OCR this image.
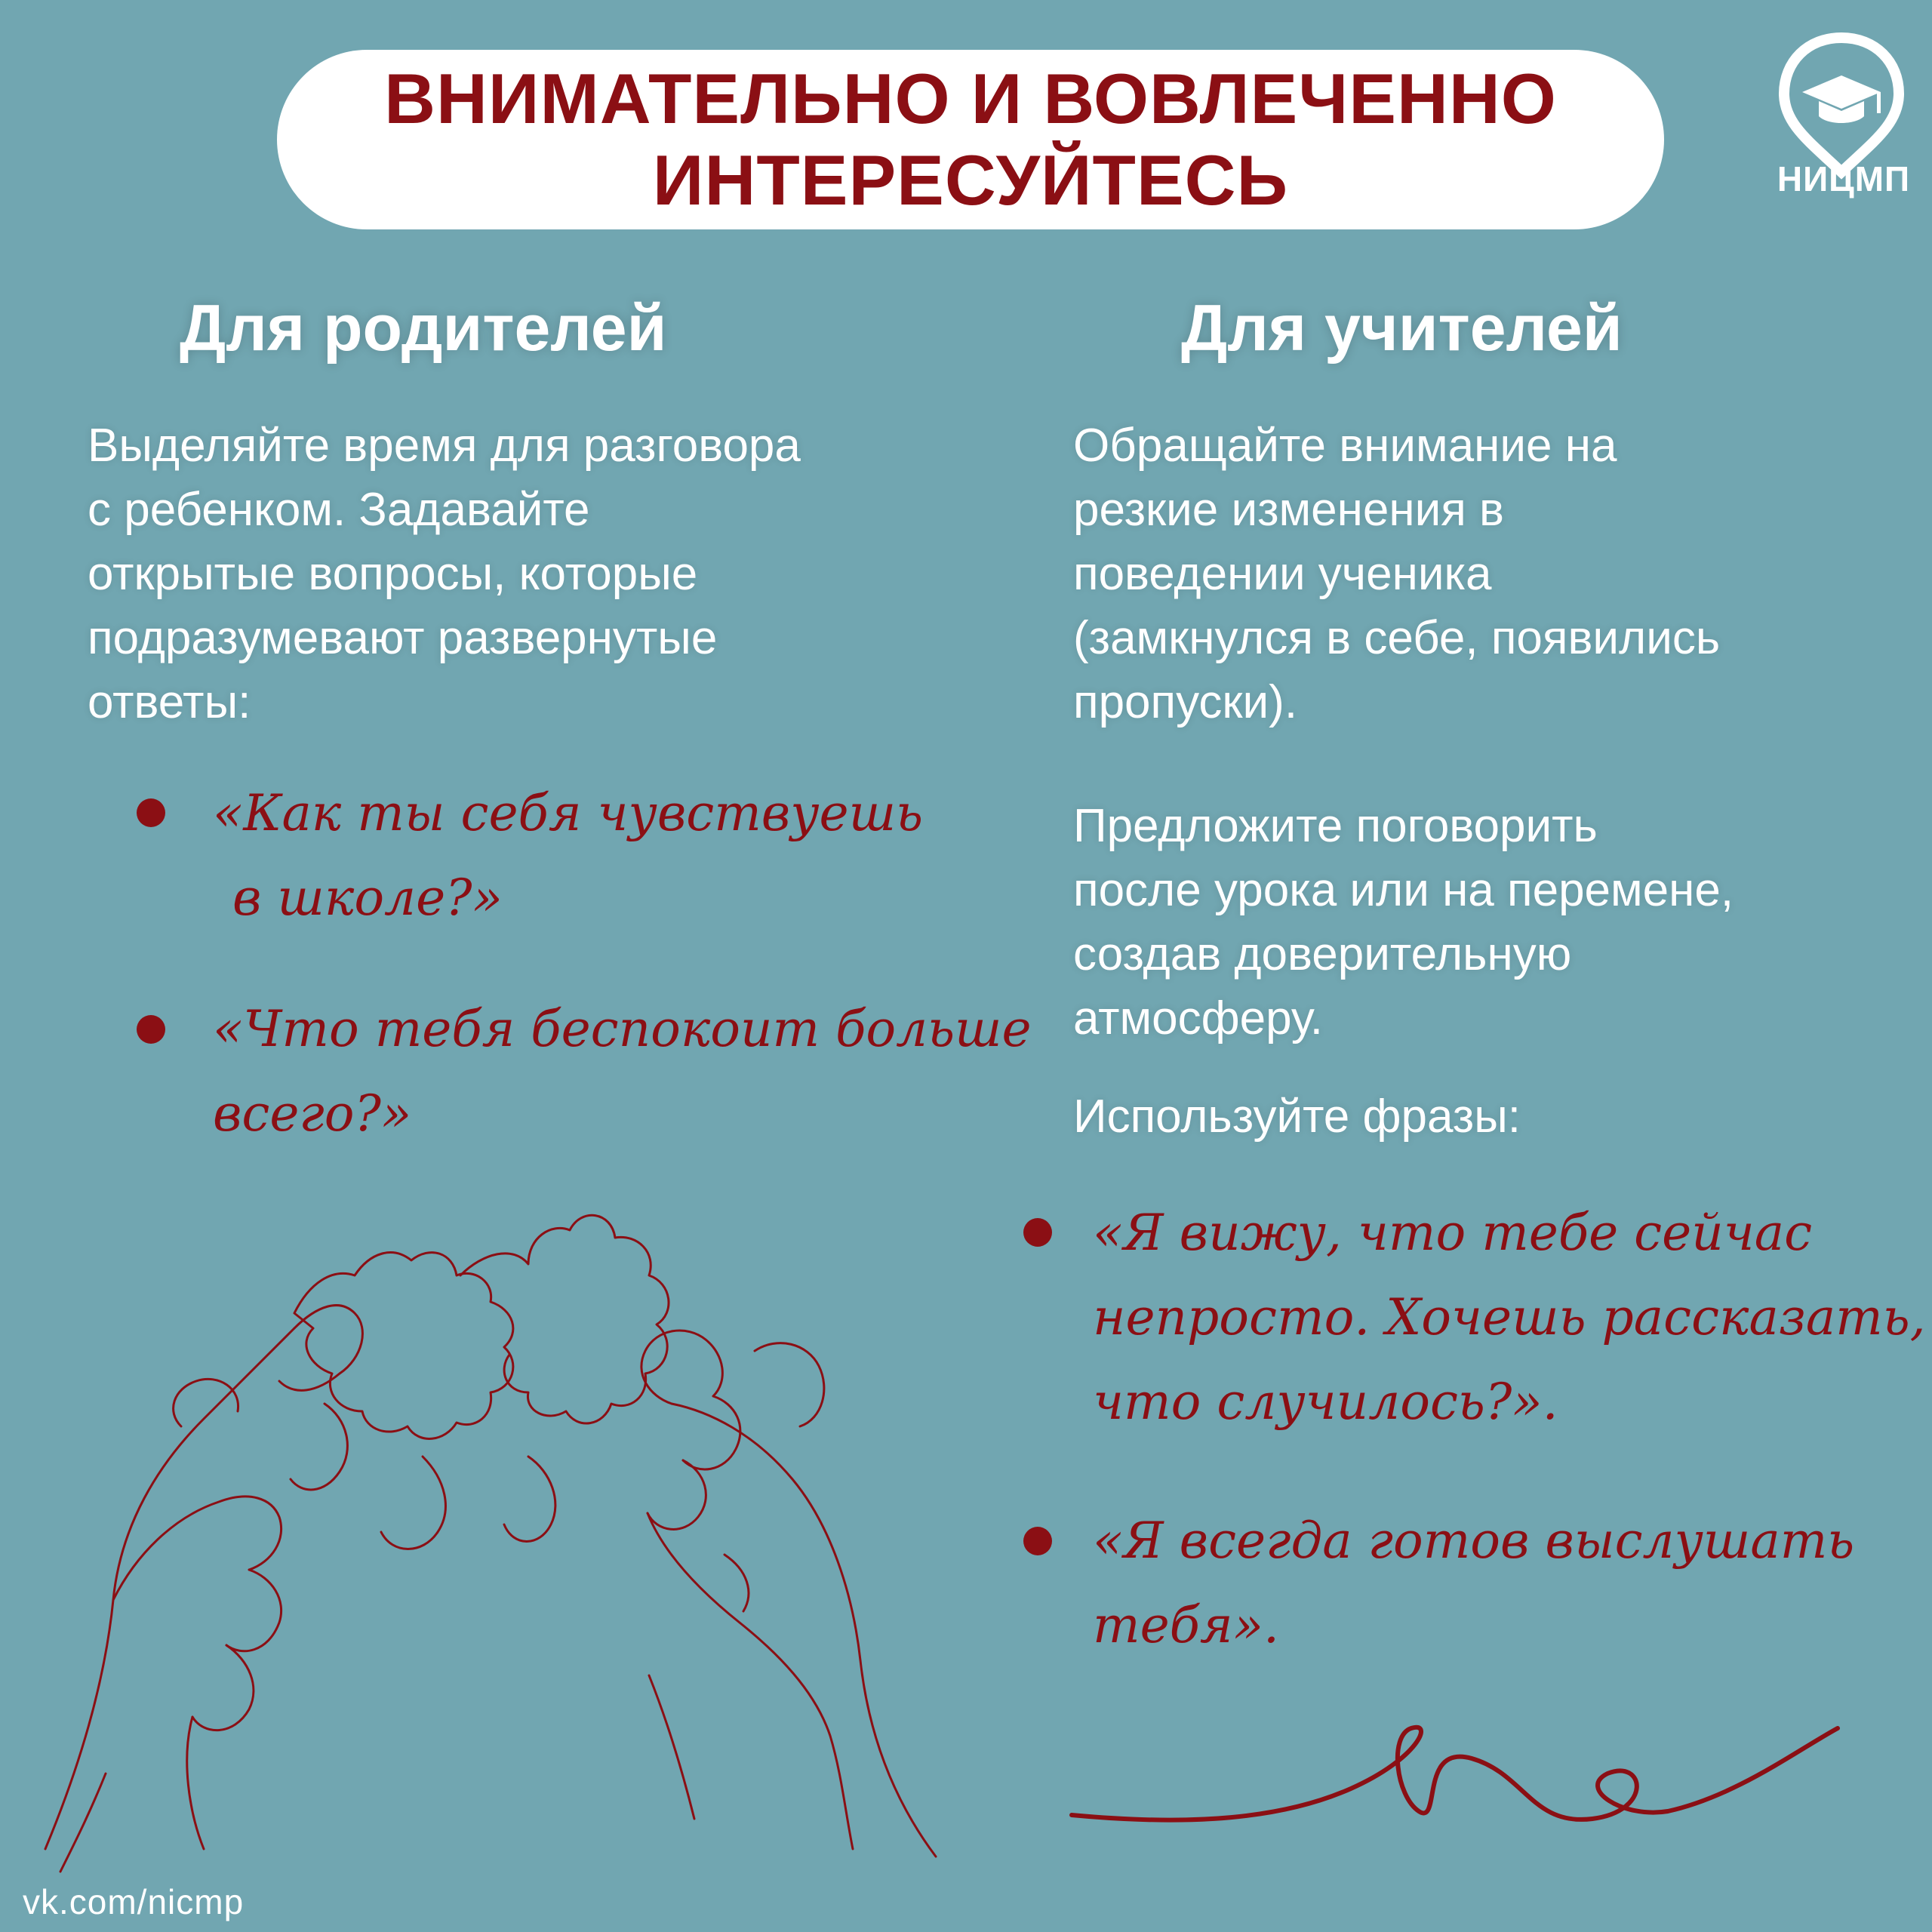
ВНИМАТЕЛЬНО И ВОВЛЕЧЕННО
ИНТЕРЕСУЙТЕСЬ	НИЦМП
Для родителей
Выделяйте время для разговора
с ребенком. Задавайте
открытые вопросы, которые
подразумевают развернутые
ответы:
«Как ты себя чувствуешь
в школе?»
«Что тебя беспокоит больше
всего?»
Для учителей
Обращайте внимание на
резкие изменения в
поведении ученика
(замкнулся в себе, появились
пропуски).
Предложите поговорить
после урока или на перемене,
создав доверительную
атмосферу.
Используйте фразы:
«Я вижу, что тебе сейчас
непросто. Хочешь рассказать,
что случилось?».
«Я всегда готов выслушать
тебя».
vk.com/nicmp
